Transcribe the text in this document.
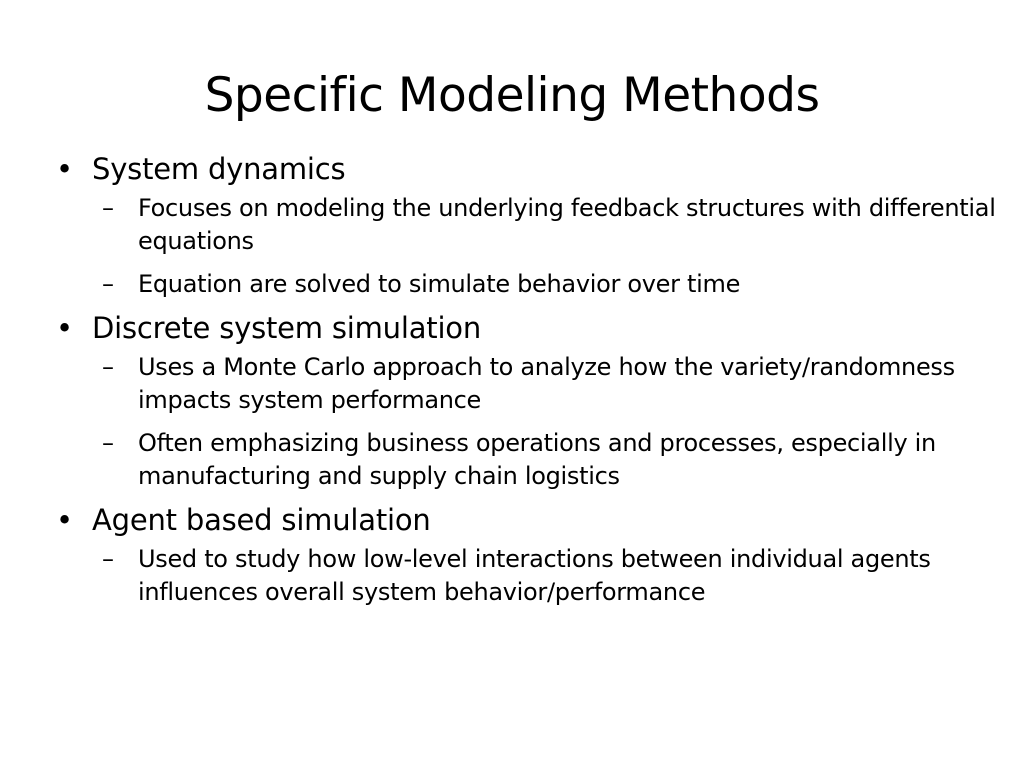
Specific Modeling Methods
• System dynamics
–	Focuses on modeling the underlying feedback structures with differential equations
–	Equation are solved to simulate behavior over time
• Discrete system simulation
–	Uses a Monte Carlo approach to analyze how the variety/randomness impacts system performance
–	Often emphasizing business operations and processes, especially in manufacturing and supply chain logistics
• Agent based simulation
–	Used to study how low-level interactions between individual agents influences overall system behavior/performance
